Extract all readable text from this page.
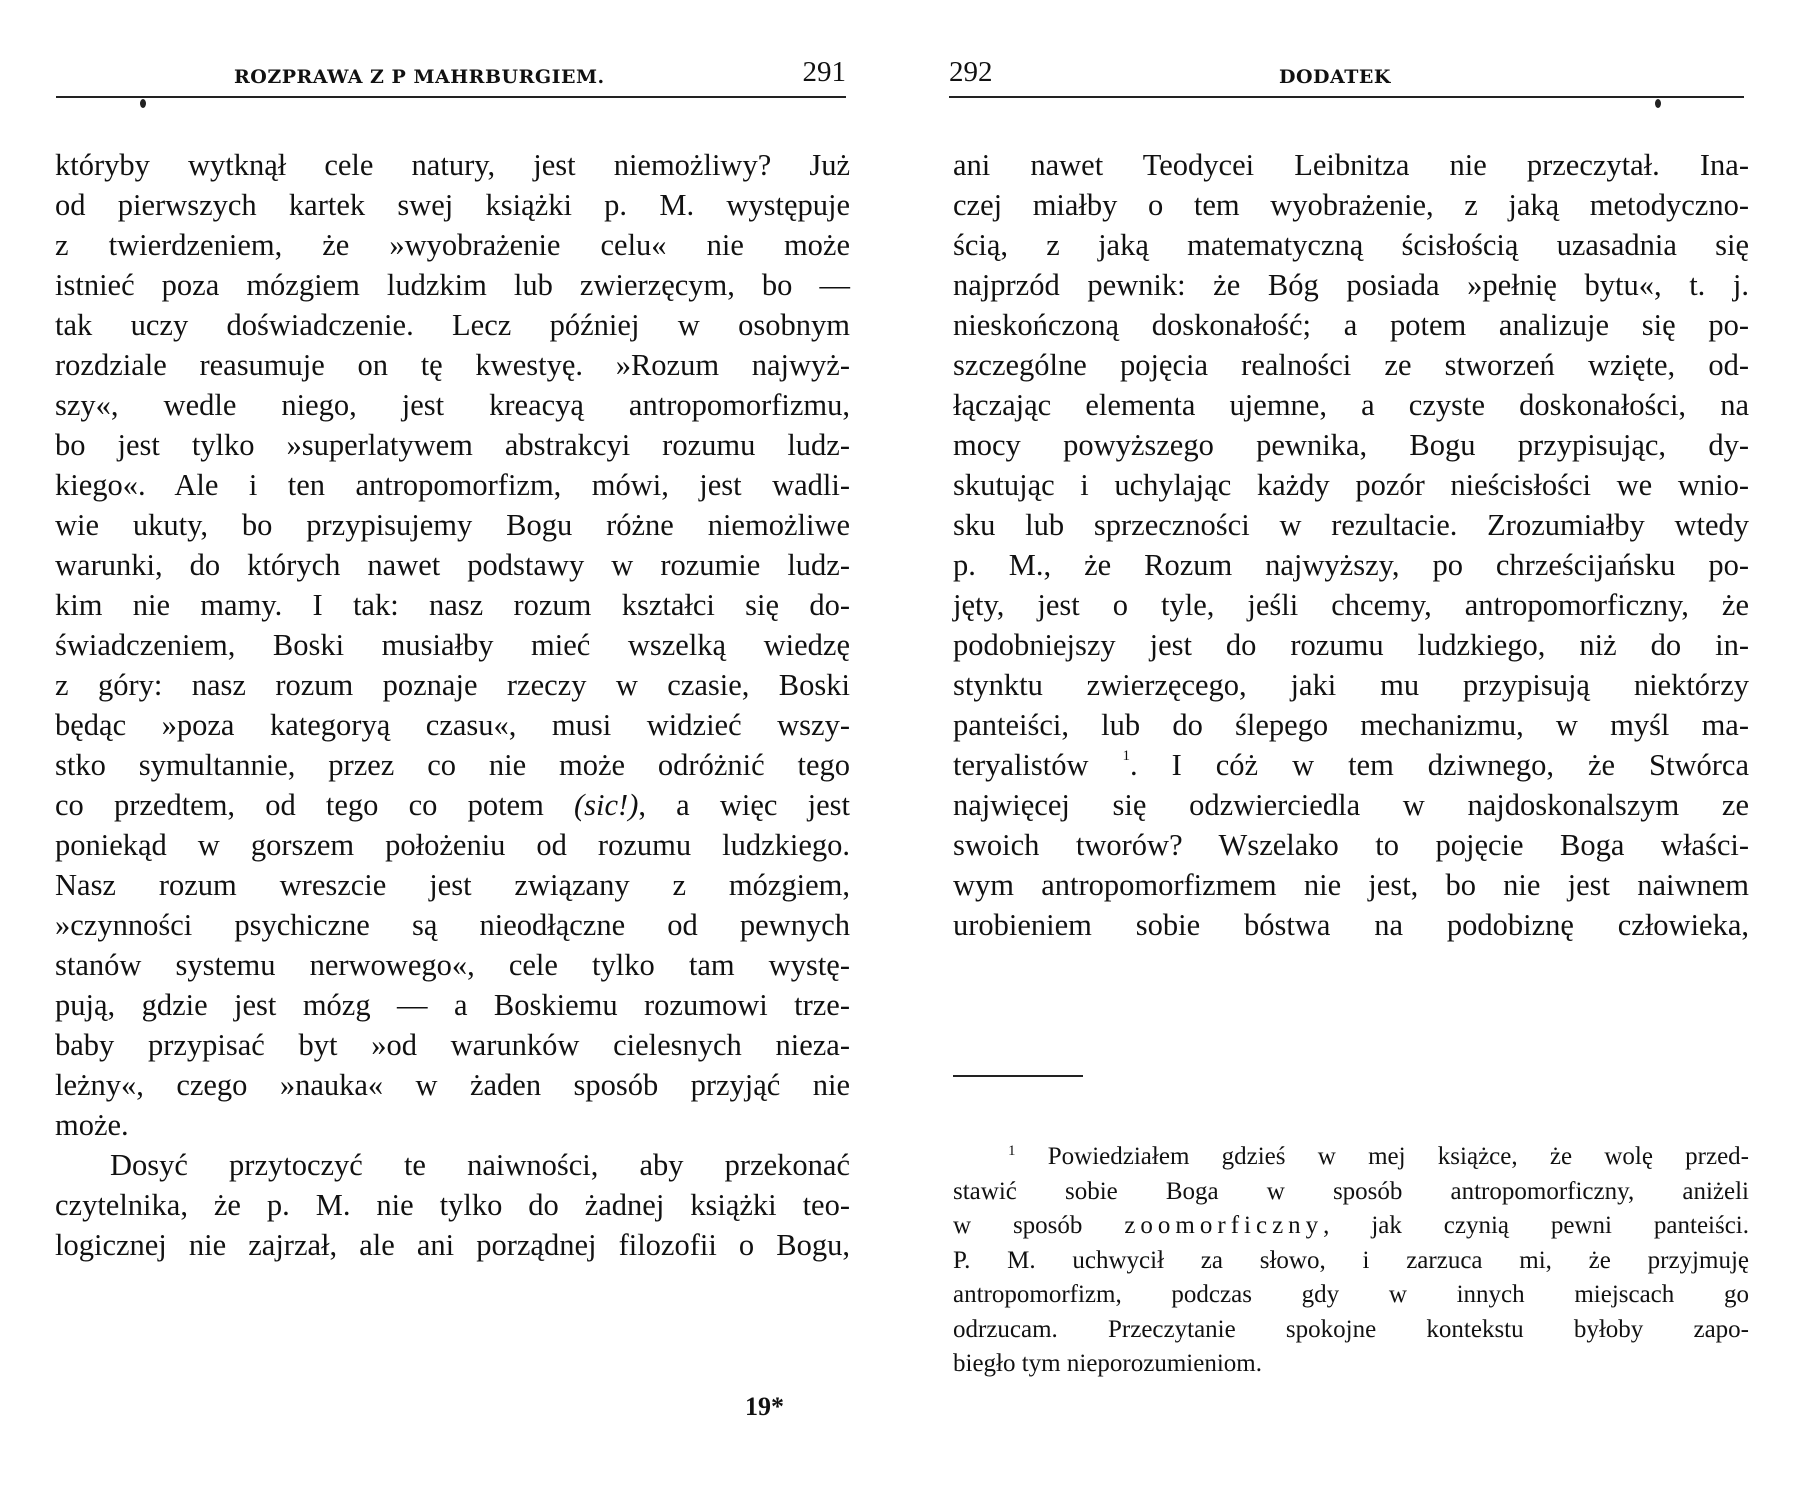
ROZPRAWA Z P MAHRBURGIEM.	291
któryby wytknął cele natury, jest niemożliwy? Już
od pierwszych kartek swej książki p. M. występuje
z twierdzeniem, że »wyobrażenie celu« nie może
istnieć poza mózgiem ludzkim lub zwierzęcym, bo —
tak uczy doświadczenie. Lecz później w osobnym
rozdziale reasumuje on tę kwestyę. »Rozum najwyż-
szy«, wedle niego, jest kreacyą antropomorfizmu,
bo jest tylko »superlatywem abstrakcyi rozumu ludz-
kiego«. Ale i ten antropomorfizm, mówi, jest wadli-
wie ukuty, bo przypisujemy Bogu różne niemożliwe
warunki, do których nawet podstawy w rozumie ludz-
kim nie mamy. I tak: nasz rozum kształci się do-
świadczeniem, Boski musiałby mieć wszelką wiedzę
z góry: nasz rozum poznaje rzeczy w czasie, Boski
będąc »poza kategoryą czasu«, musi widzieć wszy-
stko symultannie, przez co nie może odróżnić tego
co przedtem, od tego co potem (sic!), a więc jest
poniekąd w gorszem położeniu od rozumu ludzkiego.
Nasz rozum wreszcie jest związany z mózgiem,
»czynności psychiczne są nieodłączne od pewnych
stanów systemu nerwowego«, cele tylko tam wystę-
pują, gdzie jest mózg — a Boskiemu rozumowi trze-
baby przypisać byt »od warunków cielesnych nieza-
leżny«, czego »nauka« w żaden sposób przyjąć nie
może.
Dosyć przytoczyć te naiwności, aby przekonać
czytelnika, że p. M. nie tylko do żadnej książki teo-
logicznej nie zajrzał, ale ani porządnej filozofii o Bogu,
19*
292	DODATEK
ani nawet Teodycei Leibnitza nie przeczytał. Ina-
czej miałby o tem wyobrażenie, z jaką metodyczno-
ścią, z jaką matematyczną ścisłością uzasadnia się
najprzód pewnik: że Bóg posiada »pełnię bytu«, t. j.
nieskończoną doskonałość; a potem analizuje się po-
szczególne pojęcia realności ze stworzeń wzięte, od-
łączając elementa ujemne, a czyste doskonałości, na
mocy powyższego pewnika, Bogu przypisując, dy-
skutując i uchylając każdy pozór nieścisłości we wnio-
sku lub sprzeczności w rezultacie. Zrozumiałby wtedy
p. M., że Rozum najwyższy, po chrześcijańsku po-
jęty, jest o tyle, jeśli chcemy, antropomorficzny, że
podobniejszy jest do rozumu ludzkiego, niż do in-
stynktu zwierzęcego, jaki mu przypisują niektórzy
panteiści, lub do ślepego mechanizmu, w myśl ma-
teryalistów $^1$. I cóż w tem dziwnego, że Stwórca
najwięcej się odzwierciedla w najdoskonalszym ze
swoich tworów? Wszelako to pojęcie Boga właści-
wym antropomorfizmem nie jest, bo nie jest naiwnem
urobieniem sobie bóstwa na podobiznę człowieka,
$^1$ Powiedziałem gdzieś w mej książce, że wolę przed-
stawić sobie Boga w sposób antropomorficzny, aniżeli
w sposób zoomorficzny, jak czynią pewni panteiści.
P. M. uchwycił za słowo, i zarzuca mi, że przyjmuję
antropomorfizm, podczas gdy w innych miejscach go
odrzucam. Przeczytanie spokojne kontekstu byłoby zapo-
biegło tym nieporozumieniom.
